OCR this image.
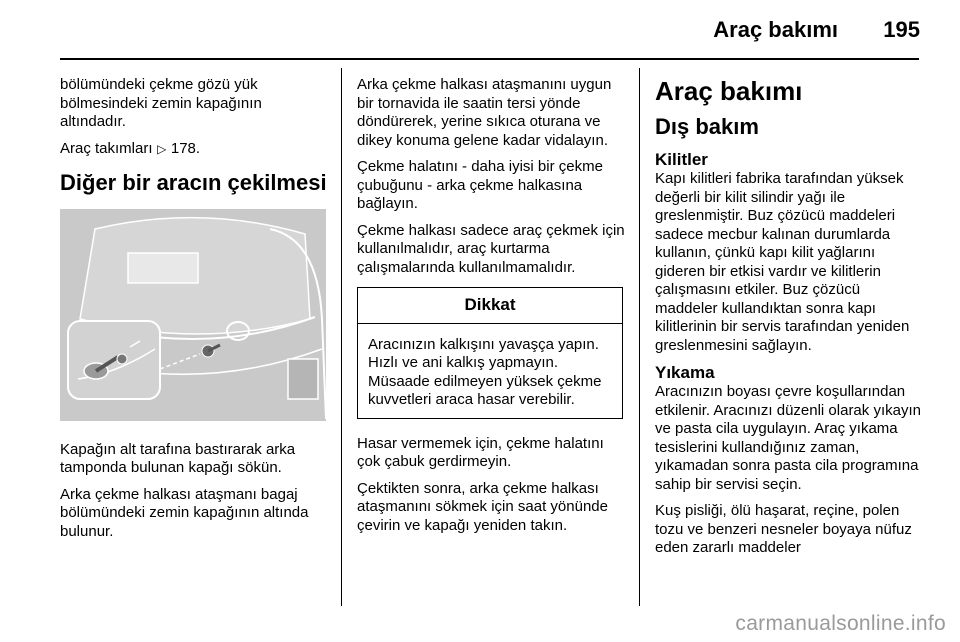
Araç bakımı 195

bölümündeki çekme gözü yük bölmesindeki zemin kapağının altındadır.

Araç takımları ▷ 178.

Diğer bir aracın çekilmesi

Kapağın alt tarafına bastırarak arka tamponda bulunan kapağı sökün.

Arka çekme halkası ataşmanı bagaj bölümündeki zemin kapağının altında bulunur.

Arka çekme halkası ataşmanını uygun bir tornavida ile saatin tersi yönde döndürerek, yerine sıkıca oturana ve dikey konuma gelene kadar vidalayın.

Çekme halatını - daha iyisi bir çekme çubuğunu - arka çekme halkasına bağlayın.

Çekme halkası sadece araç çekmek için kullanılmalıdır, araç kurtarma çalışmalarında kullanılmamalıdır.

Dikkat
Aracınızın kalkışını yavaşça yapın. Hızlı ve ani kalkış yapmayın. Müsaade edilmeyen yüksek çekme kuvvetleri araca hasar verebilir.

Hasar vermemek için, çekme halatını çok çabuk gerdirmeyin.

Çektikten sonra, arka çekme halkası ataşmanını sökmek için saat yönünde çevirin ve kapağı yeniden takın.

Araç bakımı
Dış bakım
Kilitler

Kapı kilitleri fabrika tarafından yüksek değerli bir kilit silindir yağı ile greslenmiştir. Buz çözücü maddeleri sadece mecbur kalınan durumlarda kullanın, çünkü kapı kilit yağlarını gideren bir etkisi vardır ve kilitlerin çalışmasını etkiler. Buz çözücü maddeler kullandıktan sonra kapı kilitlerinin bir servis tarafından yeniden greslenmesini sağlayın.

Yıkama

Aracınızın boyası çevre koşullarından etkilenir. Aracınızı düzenli olarak yıkayın ve pasta cila uygulayın. Araç yıkama tesislerini kullandığınız zaman, yıkamadan sonra pasta cila programına sahip bir servisi seçin.

Kuş pisliği, ölü haşarat, reçine, polen tozu ve benzeri nesneler boyaya nüfuz eden zararlı maddeler

carmanualsonline.info
